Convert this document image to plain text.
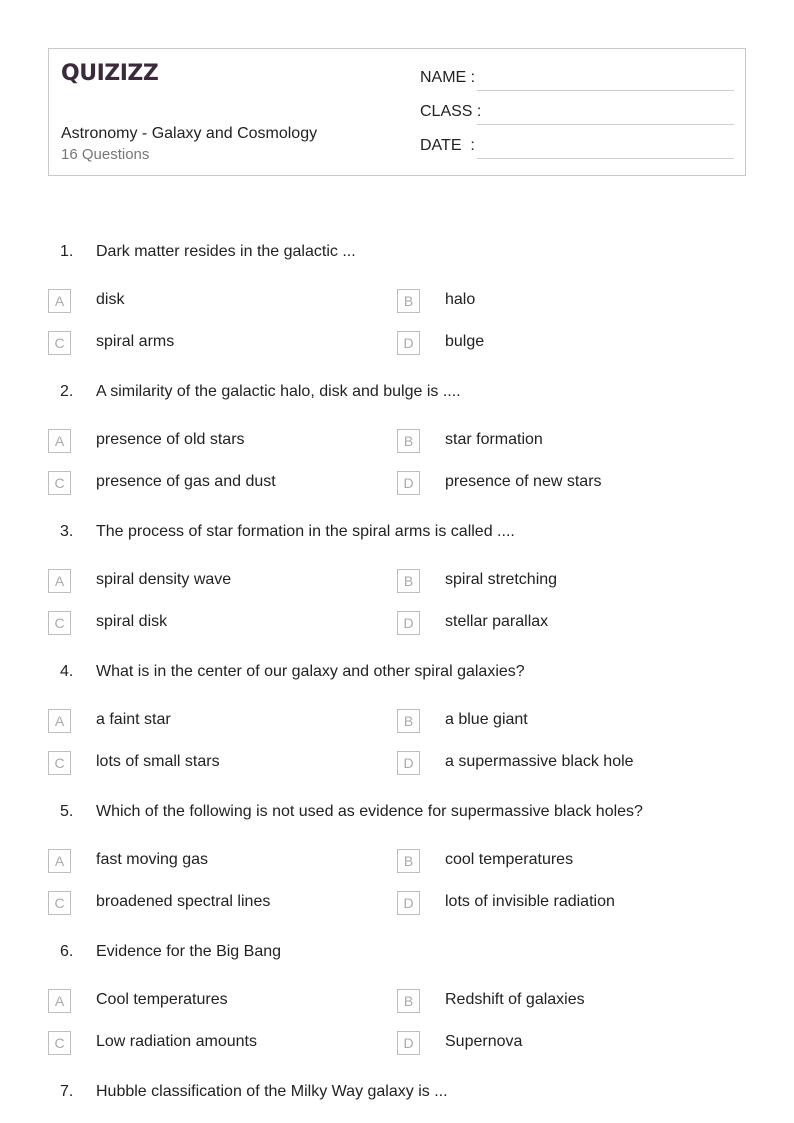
QUIZIZZ
Astronomy - Galaxy and Cosmology
16 Questions
NAME :
CLASS :
DATE  :
1. Dark matter resides in the galactic ...
A	disk	B	halo
C	spiral arms	D	bulge
2. A similarity of the galactic halo, disk and bulge is ....
A	presence of old stars	B	star formation
C	presence of gas and dust	D	presence of new stars
3. The process of star formation in the spiral arms is called ....
A	spiral density wave	B	spiral stretching
C	spiral disk	D	stellar parallax
4. What is in the center of our galaxy and other spiral galaxies?
A	a faint star	B	a blue giant
C	lots of small stars	D	a supermassive black hole
5. Which of the following is not used as evidence for supermassive black holes?
A	fast moving gas	B	cool temperatures
C	broadened spectral lines	D	lots of invisible radiation
6. Evidence for the Big Bang
A	Cool temperatures	B	Redshift of galaxies
C	Low radiation amounts	D	Supernova
7. Hubble classification of the Milky Way galaxy is ...
